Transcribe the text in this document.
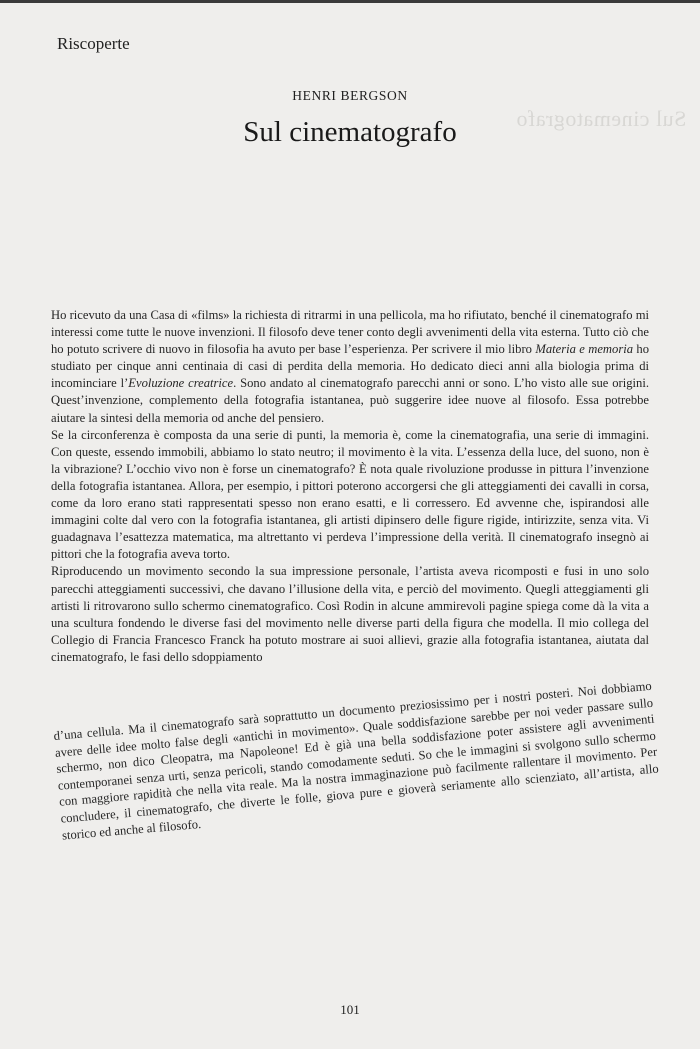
Sul cinematografo
Riscoperte
HENRI BERGSON
Sul cinematografo

Ho ricevuto da una Casa di «films» la richiesta di ritrarmi in una pellicola, ma ho rifiutato, benché il cinematografo mi interessi come tutte le nuove invenzioni. Il filosofo deve tener conto degli avvenimenti della vita esterna. Tutto ciò che ho potuto scrivere di nuovo in filosofia ha avuto per base l’esperienza. Per scrivere il mio libro Materia e memoria ho studiato per cinque anni centinaia di casi di perdita della memoria. Ho dedicato dieci anni alla biologia prima di incominciare l’Evoluzione creatrice. Sono andato al cinematografo parecchi anni or sono. L’ho visto alle sue origini. Quest’invenzione, complemento della fotografia istantanea, può suggerire idee nuove al filosofo. Essa potrebbe aiutare la sintesi della memoria od anche del pensiero.

Se la circonferenza è composta da una serie di punti, la memoria è, come la cinematografia, una serie di immagini. Con queste, essendo immobili, abbiamo lo stato neutro; il movimento è la vita. L’essenza della luce, del suono, non è la vibrazione? L’occhio vivo non è forse un cinematografo? È nota quale rivoluzione produsse in pittura l’invenzione della fotografia istantanea. Allora, per esempio, i pittori poterono accorgersi che gli atteggiamenti dei cavalli in corsa, come da loro erano stati rappresentati spesso non erano esatti, e li corressero. Ed avvenne che, ispirandosi alle immagini colte dal vero con la fotografia istantanea, gli artisti dipinsero delle figure rigide, intirizzite, senza vita. Vi guadagnava l’esattezza matematica, ma altrettanto vi perdeva l’impressione della verità. Il cinematografo insegnò ai pittori che la fotografia aveva torto.

Riproducendo un movimento secondo la sua impressione personale, l’artista aveva ricomposti e fusi in uno solo parecchi atteggiamenti successivi, che davano l’illusione della vita, e perciò del movimento. Quegli atteggiamenti gli artisti li ritrovarono sullo schermo cinematografico. Così Rodin in alcune ammirevoli pagine spiega come dà la vita a una scultura fondendo le diverse fasi del movimento nelle diverse parti della figura che modella. Il mio collega del Collegio di Francia Francesco Franck ha potuto mostrare ai suoi allievi, grazie alla fotografia istantanea, aiutata dal cinematografo, le fasi dello sdoppiamento

d’una cellula. Ma il cinematografo sarà soprattutto un documento preziosissimo per i nostri posteri. Noi dobbiamo avere delle idee molto false degli «antichi in movimento». Quale soddisfazione sarebbe per noi veder passare sullo schermo, non dico Cleopatra, ma Napoleone! Ed è già una bella soddisfazione poter assistere agli avvenimenti contemporanei senza urti, senza pericoli, stando comodamente seduti. So che le immagini si svolgono sullo schermo con maggiore rapidità che nella vita reale. Ma la nostra immaginazione può facilmente rallentare il movimento. Per concludere, il cinematografo, che diverte le folle, giova pure e gioverà seriamente allo scienziato, all’artista, allo storico ed anche al filosofo.

101
